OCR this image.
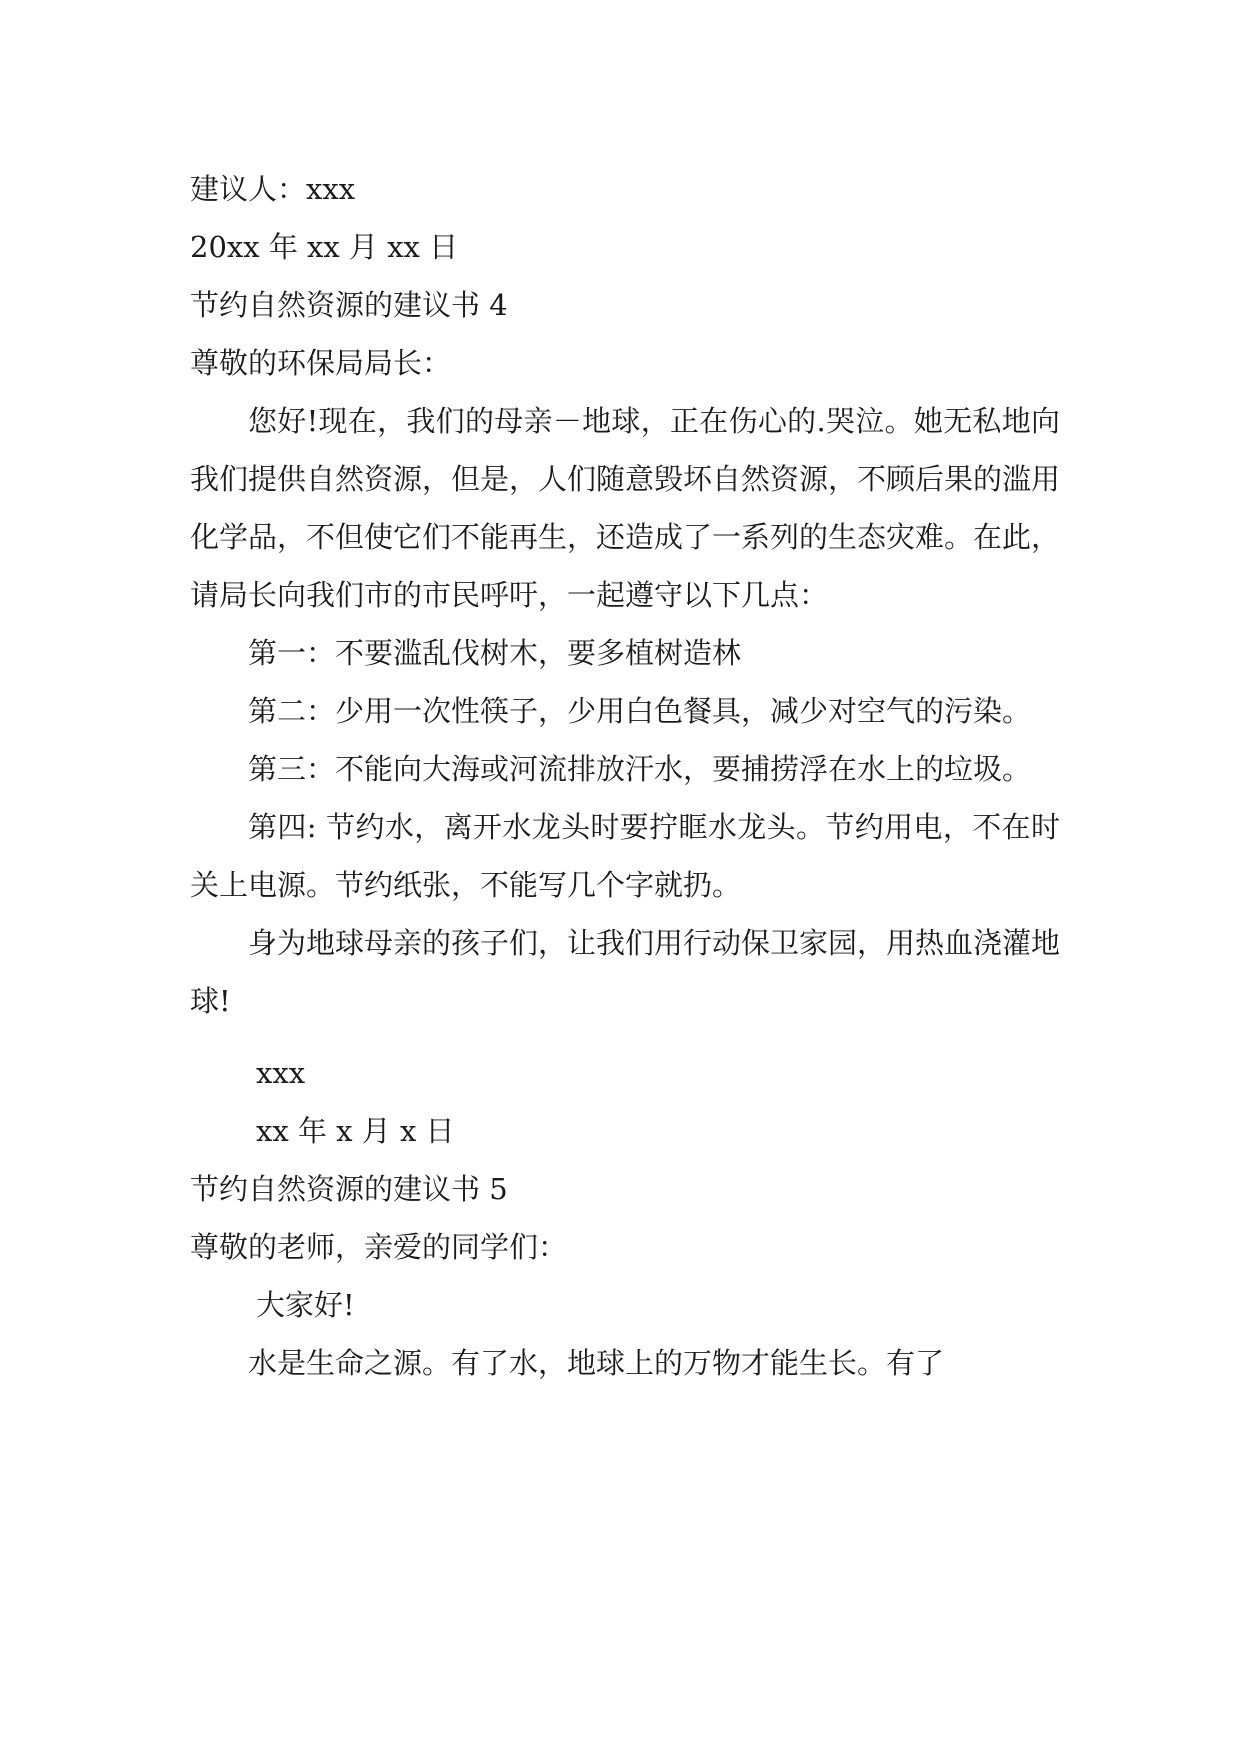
建议人：xxx
20xx 年 xx 月 xx 日
节约自然资源的建议书 4
尊敬的环保局局长：

您好!现在，我们的母亲－地球，正在伤心的.哭泣。她无私地向我们提供自然资源，但是，人们随意毁坏自然资源，不顾后果的滥用化学品，不但使它们不能再生，还造成了一系列的生态灾难。在此，请局长向我们市的市民呼吁，一起遵守以下几点：

第一：不要滥乱伐树木，要多植树造林

第二：少用一次性筷子，少用白色餐具，减少对空气的污染。

第三：不能向大海或河流排放汗水，要捕捞浮在水上的垃圾。

第四: 节约水，离开水龙头时要拧眶水龙头。节约用电，不在时关上电源。节约纸张，不能写几个字就扔。

身为地球母亲的孩子们，让我们用行动保卫家园，用热血浇灌地球!

xxx
xx 年 x 月 x 日
节约自然资源的建议书 5
尊敬的老师，亲爱的同学们：
大家好!

水是生命之源。有了水，地球上的万物才能生长。有了
